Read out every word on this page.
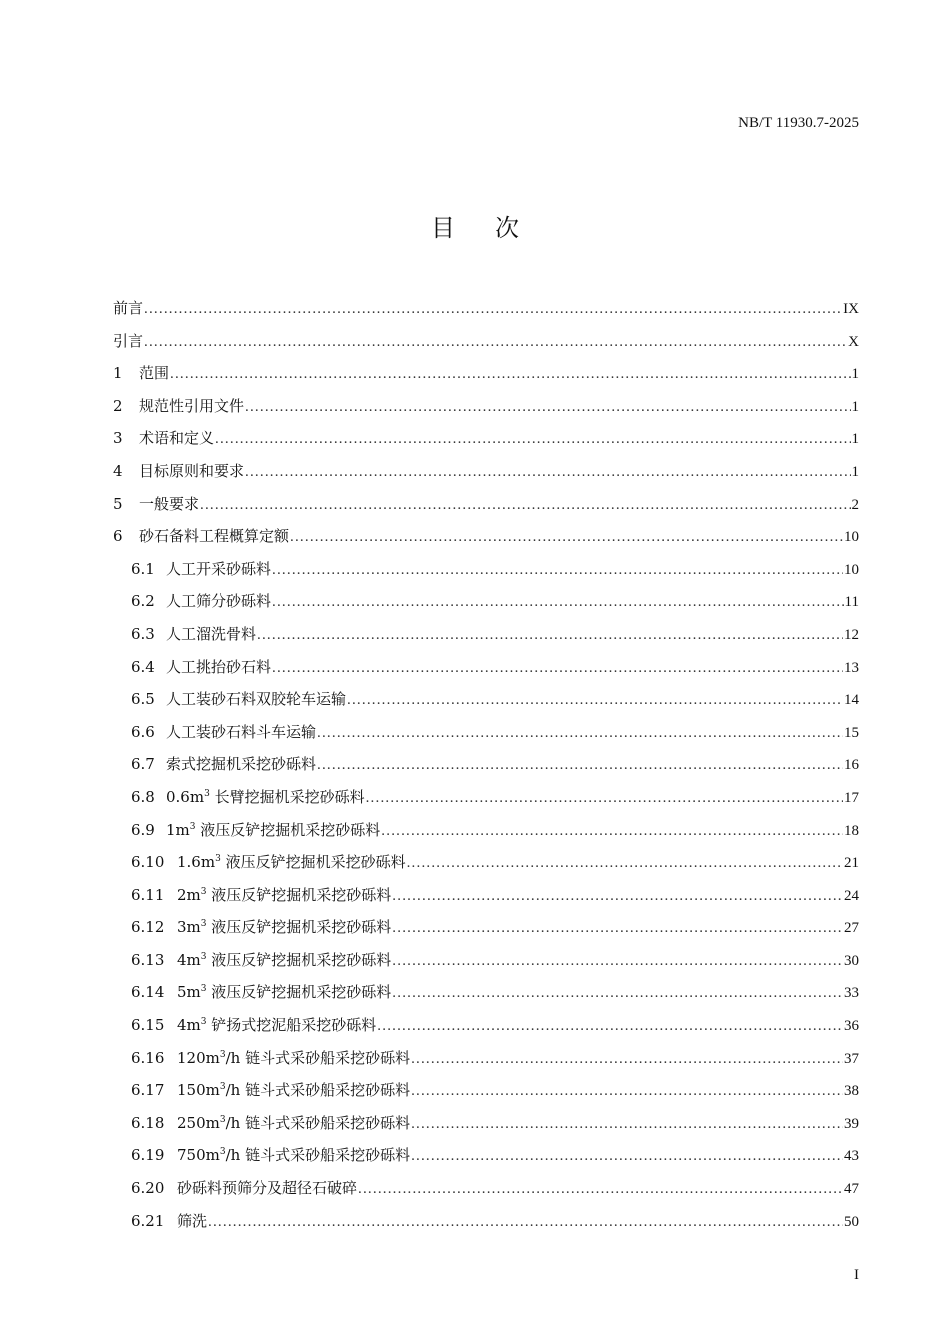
NB/T 11930.7-2025
目 次
前言 .....	IX
引言 .....	X
1	范围 .....	1
2	规范性引用文件 .....	1
3	术语和定义 .....	1
4	目标原则和要求 .....	1
5	一般要求 .....	2
6	砂石备料工程概算定额 .....	10
6.1 人工开采砂砾料 .....	10
6.2 人工筛分砂砾料 .....	11
6.3 人工溜洗骨料 .....	12
6.4 人工挑抬砂石料 .....	13
6.5 人工装砂石料双胶轮车运输 .....	14
6.6 人工装砂石料斗车运输 .....	15
6.7 索式挖掘机采挖砂砾料 .....	16
6.8 $0.6m^3$ 长臂挖掘机采挖砂砾料 .....	17
6.9 $1m^3$ 液压反铲挖掘机采挖砂砾料 .....	18
6.10 $1.6m^3$ 液压反铲挖掘机采挖砂砾料 .....	21
6.11 $2m^3$ 液压反铲挖掘机采挖砂砾料 .....	24
6.12 $3m^3$ 液压反铲挖掘机采挖砂砾料 .....	27
6.13 $4m^3$ 液压反铲挖掘机采挖砂砾料 .....	30
6.14 $5m^3$ 液压反铲挖掘机采挖砂砾料 .....	33
6.15 $4m^3$ 铲扬式挖泥船采挖砂砾料 .....	36
6.16 $120m^3/h$ 链斗式采砂船采挖砂砾料 .....	37
6.17 $150m^3/h$ 链斗式采砂船采挖砂砾料 .....	38
6.18 $250m^3/h$ 链斗式采砂船采挖砂砾料 .....	39
6.19 $750m^3/h$ 链斗式采砂船采挖砂砾料 .....	43
6.20 砂砾料预筛分及超径石破碎 .....	47
6.21 筛洗 .....	50
I
